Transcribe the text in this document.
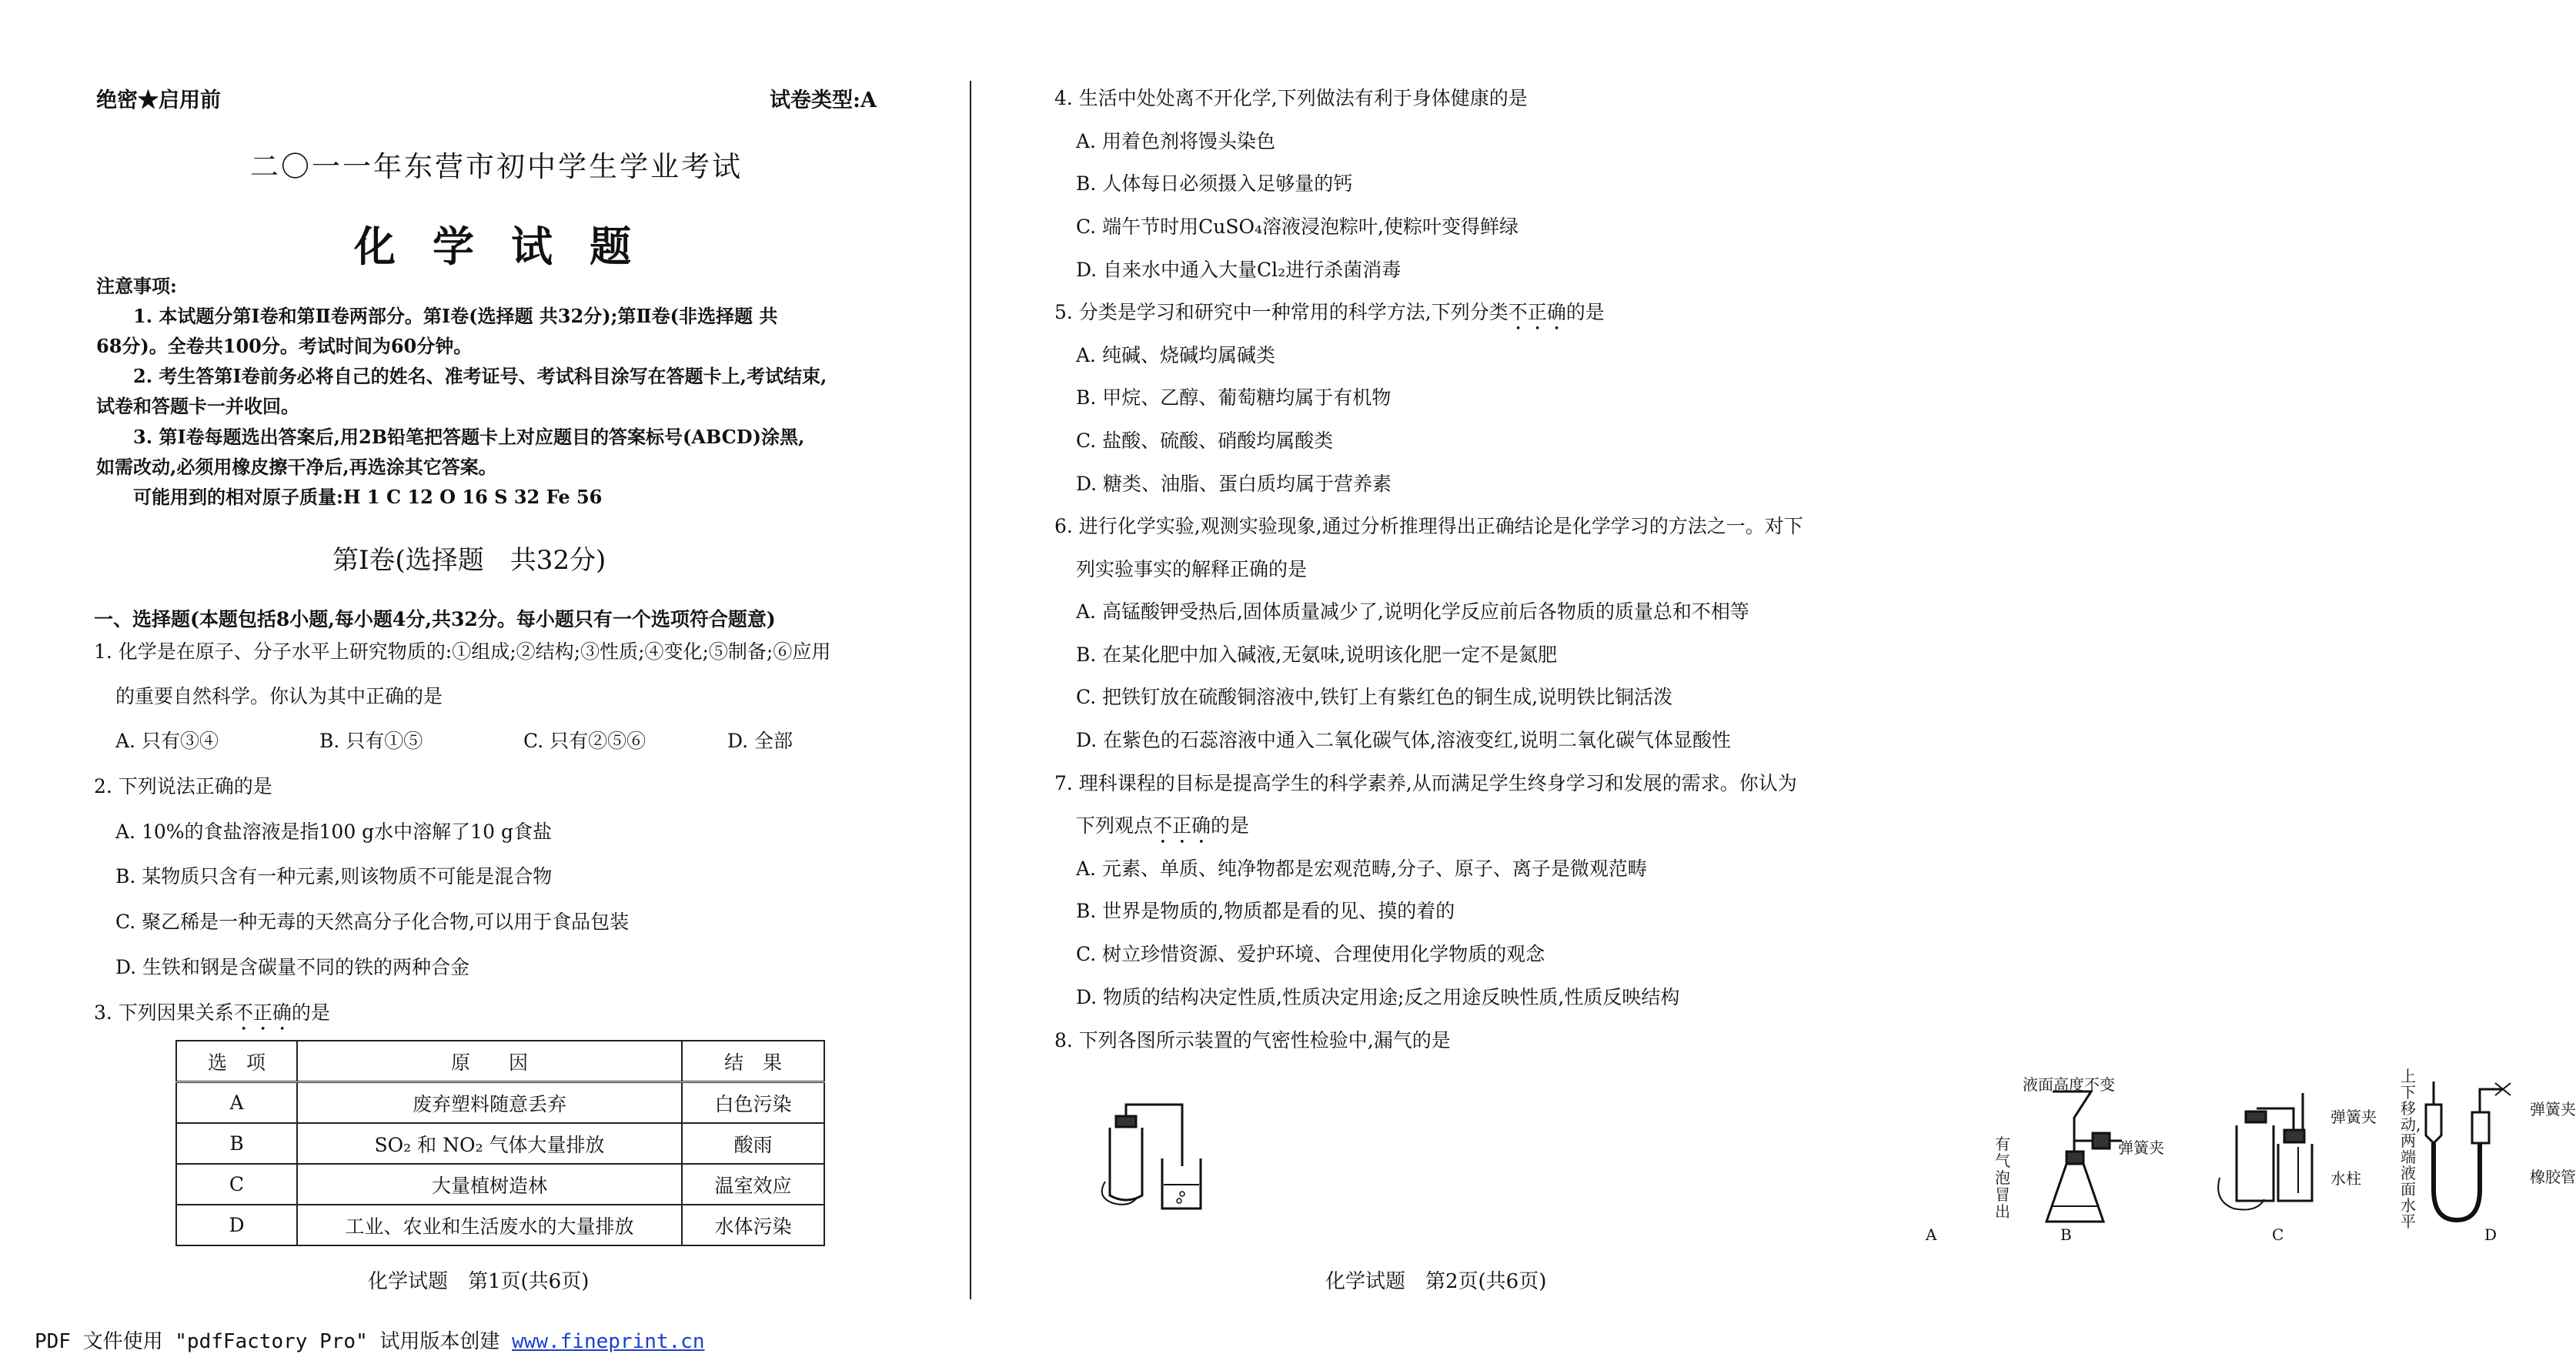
绝密★启用前	试卷类型:A
二〇一一年东营市初中学生学业考试
化学试题
注意事项:
1. 本试题分第Ⅰ卷和第Ⅱ卷两部分。第Ⅰ卷(选择题 共32分);第Ⅱ卷(非选择题 共
68分)。全卷共100分。考试时间为60分钟。
2. 考生答第Ⅰ卷前务必将自己的姓名、准考证号、考试科目涂写在答题卡上,考试结束,
试卷和答题卡一并收回。
3. 第Ⅰ卷每题选出答案后,用2B铅笔把答题卡上对应题目的答案标号(ABCD)涂黑,
如需改动,必须用橡皮擦干净后,再选涂其它答案。
可能用到的相对原子质量:H 1 C 12 O 16 S 32 Fe 56
第Ⅰ卷(选择题　共32分)
一、选择题(本题包括8小题,每小题4分,共32分。每小题只有一个选项符合题意)
1. 化学是在原子、分子水平上研究物质的:①组成;②结构;③性质;④变化;⑤制备;⑥应用
的重要自然科学。你认为其中正确的是
A. 只有③④	B. 只有①⑤	C. 只有②⑤⑥	D. 全部
2. 下列说法正确的是
A. 10%的食盐溶液是指100 g水中溶解了10 g食盐
B. 某物质只含有一种元素,则该物质不可能是混合物
C. 聚乙稀是一种无毒的天然高分子化合物,可以用于食品包装
D. 生铁和钢是含碳量不同的铁的两种合金
3. 下列因果关系不正确的是
选　项	原　　因	结　果
A	废弃塑料随意丢弃	白色污染
B	SO₂ 和 NO₂ 气体大量排放	酸雨
C	大量植树造林	温室效应
D	工业、农业和生活废水的大量排放	水体污染
化学试题　第1页(共6页)
4. 生活中处处离不开化学,下列做法有利于身体健康的是
A. 用着色剂将馒头染色
B. 人体每日必须摄入足够量的钙
C. 端午节时用CuSO₄溶液浸泡粽叶,使粽叶变得鲜绿
D. 自来水中通入大量Cl₂进行杀菌消毒
5. 分类是学习和研究中一种常用的科学方法,下列分类不正确的是
A. 纯碱、烧碱均属碱类
B. 甲烷、乙醇、葡萄糖均属于有机物
C. 盐酸、硫酸、硝酸均属酸类
D. 糖类、油脂、蛋白质均属于营养素
6. 进行化学实验,观测实验现象,通过分析推理得出正确结论是化学学习的方法之一。对下
列实验事实的解释正确的是
A. 高锰酸钾受热后,固体质量减少了,说明化学反应前后各物质的质量总和不相等
B. 在某化肥中加入碱液,无氨味,说明该化肥一定不是氮肥
C. 把铁钉放在硫酸铜溶液中,铁钉上有紫红色的铜生成,说明铁比铜活泼
D. 在紫色的石蕊溶液中通入二氧化碳气体,溶液变红,说明二氧化碳气体显酸性
7. 理科课程的目标是提高学生的科学素养,从而满足学生终身学习和发展的需求。你认为
下列观点不正确的是
A. 元素、单质、纯净物都是宏观范畴,分子、原子、离子是微观范畴
B. 世界是物质的,物质都是看的见、摸的着的
C. 树立珍惜资源、爱护环境、合理使用化学物质的观念
D. 物质的结构决定性质,性质决定用途;反之用途反映性质,性质反映结构
8. 下列各图所示装置的气密性检验中,漏气的是
有气泡冒出
A
液面高度不变
弹簧夹
B
弹簧夹
水柱
C
上下移动,两端液面水平
弹簧夹
橡胶管
D
化学试题　第2页(共6页)
PDF 文件使用 "pdfFactory Pro" 试用版本创建 www.fineprint.cn
